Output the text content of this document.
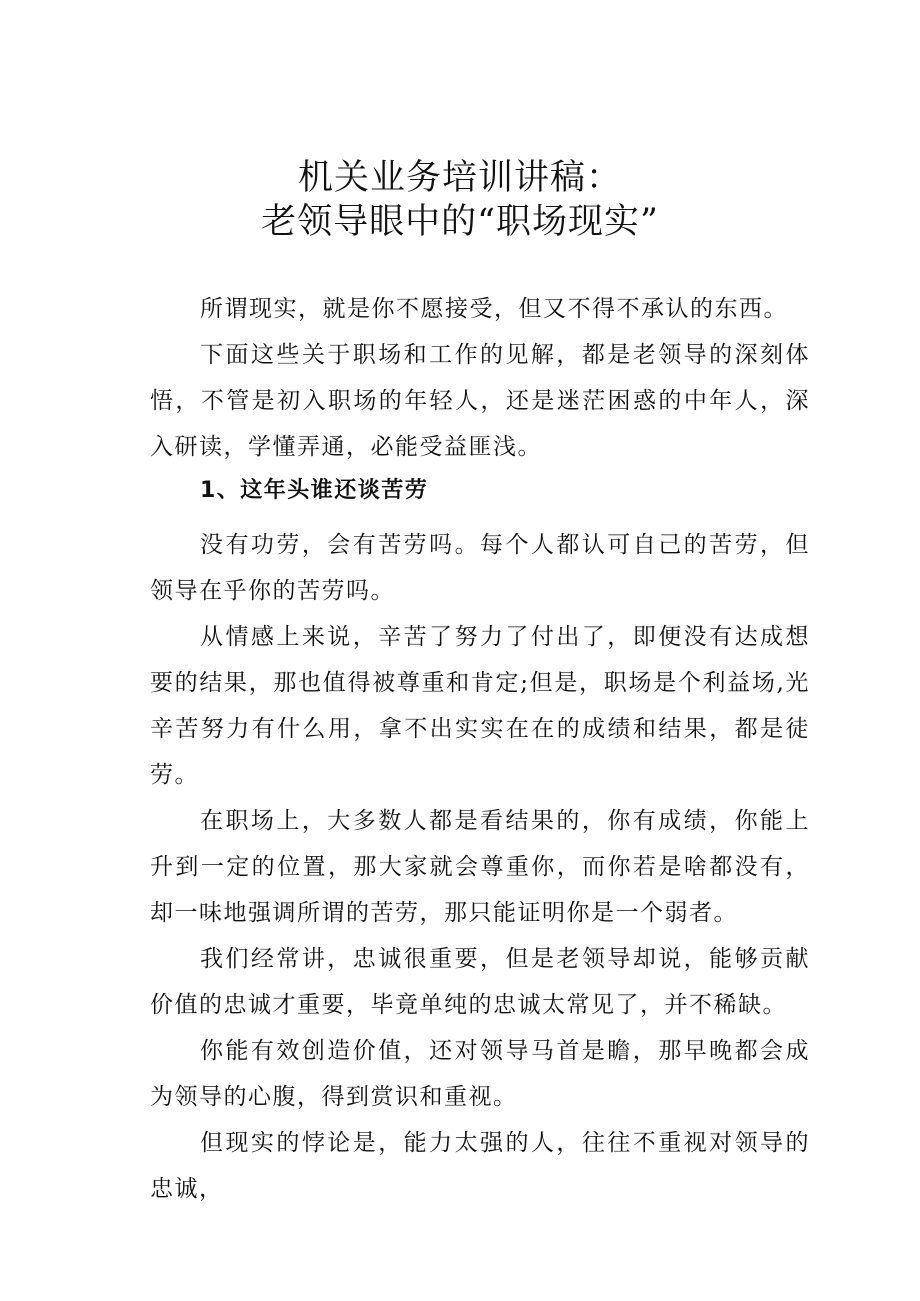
机关业务培训讲稿：
老领导眼中的“职场现实”

所谓现实，就是你不愿接受，但又不得不承认的东西。

下面这些关于职场和工作的见解，都是老领导的深刻体悟，不管是初入职场的年轻人，还是迷茫困惑的中年人，深入研读，学懂弄通，必能受益匪浅。

1、这年头谁还谈苦劳

没有功劳，会有苦劳吗。每个人都认可自己的苦劳，但领导在乎你的苦劳吗。

从情感上来说，辛苦了努力了付出了，即便没有达成想要的结果，那也值得被尊重和肯定;但是，职场是个利益场,光辛苦努力有什么用，拿不出实实在在的成绩和结果，都是徒劳。

在职场上，大多数人都是看结果的，你有成绩，你能上升到一定的位置，那大家就会尊重你，而你若是啥都没有，却一味地强调所谓的苦劳，那只能证明你是一个弱者。

我们经常讲，忠诚很重要，但是老领导却说，能够贡献价值的忠诚才重要，毕竟单纯的忠诚太常见了，并不稀缺。

你能有效创造价值，还对领导马首是瞻，那早晚都会成为领导的心腹，得到赏识和重视。

但现实的悖论是，能力太强的人，往往不重视对领导的忠诚，
